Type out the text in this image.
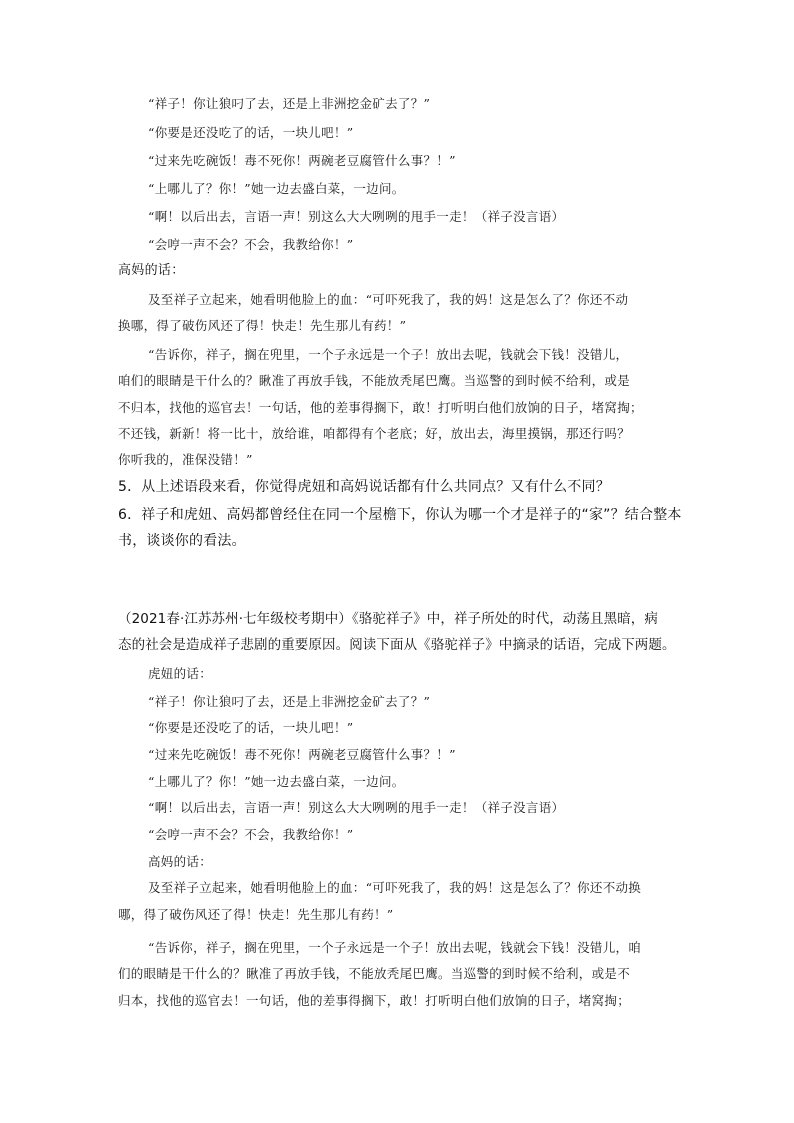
“祥子！你让狼叼了去，还是上非洲挖金矿去了？”
“你要是还没吃了的话，一块儿吧！”
“过来先吃碗饭！毒不死你！两碗老豆腐管什么事？！”
“上哪儿了？你！”她一边去盛白菜，一边问。
“啊！以后出去，言语一声！别这么大大咧咧的甩手一走！（祥子没言语）
“会哼一声不会？不会，我教给你！”
高妈的话：
及至祥子立起来，她看明他脸上的血：“可吓死我了，我的妈！这是怎么了？你还不动
换哪，得了破伤风还了得！快走！先生那儿有药！”
“告诉你，祥子，搁在兜里，一个子永远是一个子！放出去呢，钱就会下钱！没错儿，
咱们的眼睛是干什么的？瞅准了再放手钱，不能放秃尾巴鹰。当巡警的到时候不给利，或是
不归本，找他的巡官去！一句话，他的差事得搁下，敢！打听明白他们放饷的日子，堵窝掏；
不还钱，新新！将一比十，放给谁，咱都得有个老底；好，放出去，海里摸锅，那还行吗？
你听我的，准保没错！”
5．从上述语段来看，你觉得虎妞和高妈说话都有什么共同点？又有什么不同？
6．祥子和虎妞、高妈都曾经住在同一个屋檐下，你认为哪一个才是祥子的“家”？结合整本
书，谈谈你的看法。
（2021春·江苏苏州·七年级校考期中）《骆驼祥子》中，祥子所处的时代，动荡且黑暗，病
态的社会是造成祥子悲剧的重要原因。阅读下面从《骆驼祥子》中摘录的话语，完成下两题。
虎妞的话：
“祥子！你让狼叼了去，还是上非洲挖金矿去了？”
“你要是还没吃了的话，一块儿吧！”
“过来先吃碗饭！毒不死你！两碗老豆腐管什么事？！”
“上哪儿了？你！”她一边去盛白菜，一边问。
“啊！以后出去，言语一声！别这么大大咧咧的甩手一走！（祥子没言语）
“会哼一声不会？不会，我教给你！”
高妈的话：
及至祥子立起来，她看明他脸上的血：“可吓死我了，我的妈！这是怎么了？你还不动换
哪，得了破伤风还了得！快走！先生那儿有药！”
“告诉你，祥子，搁在兜里，一个子永远是一个子！放出去呢，钱就会下钱！没错儿，咱
们的眼睛是干什么的？瞅准了再放手钱，不能放秃尾巴鹰。当巡警的到时候不给利，或是不
归本，找他的巡官去！一句话，他的差事得搁下，敢！打听明白他们放饷的日子，堵窝掏；
